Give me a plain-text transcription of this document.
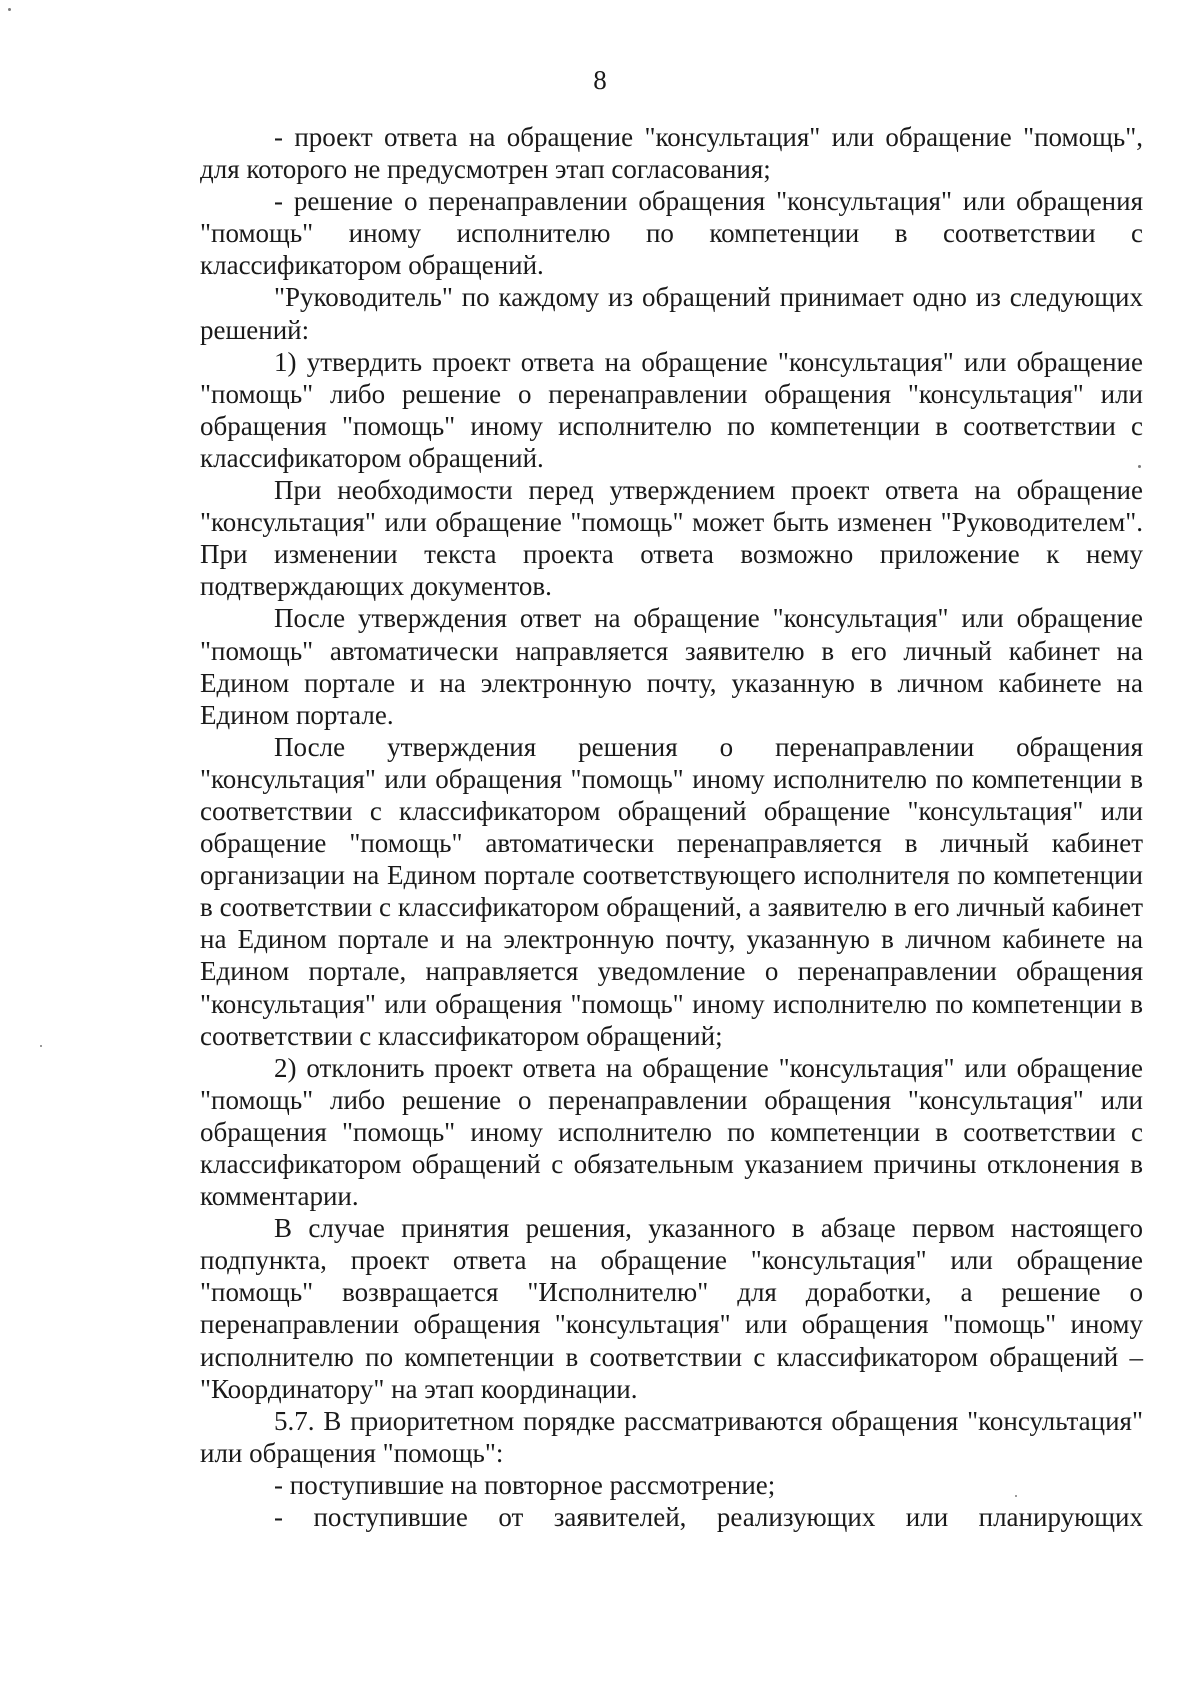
8

- проект ответа на обращение "консультация" или обращение "помощь", для которого не предусмотрен этап согласования;

- решение о перенаправлении обращения "консультация" или обращения "помощь" иному исполнителю по компетенции в соответствии с классификатором обращений.

"Руководитель" по каждому из обращений принимает одно из следующих решений:

1) утвердить проект ответа на обращение "консультация" или обращение "помощь" либо решение о перенаправлении обращения "консультация" или обращения "помощь" иному исполнителю по компетенции в соответствии с классификатором обращений.

При необходимости перед утверждением проект ответа на обращение "консультация" или обращение "помощь" может быть изменен "Руководителем". При изменении текста проекта ответа возможно приложение к нему подтверждающих документов.

После утверждения ответ на обращение "консультация" или обращение "помощь" автоматически направляется заявителю в его личный кабинет на Едином портале и на электронную почту, указанную в личном кабинете на Едином портале.

После утверждения решения о перенаправлении обращения "консультация" или обращения "помощь" иному исполнителю по компетенции в соответствии с классификатором обращений обращение "консультация" или обращение "помощь" автоматически перенаправляется в личный кабинет организации на Едином портале соответствующего исполнителя по компетенции в соответствии с классификатором обращений, а заявителю в его личный кабинет на Едином портале и на электронную почту, указанную в личном кабинете на Едином портале, направляется уведомление о перенаправлении обращения "консультация" или обращения "помощь" иному исполнителю по компетенции в соответствии с классификатором обращений;

2) отклонить проект ответа на обращение "консультация" или обращение "помощь" либо решение о перенаправлении обращения "консультация" или обращения "помощь" иному исполнителю по компетенции в соответствии с классификатором обращений с обязательным указанием причины отклонения в комментарии.

В случае принятия решения, указанного в абзаце первом настоящего подпункта, проект ответа на обращение "консультация" или обращение "помощь" возвращается "Исполнителю" для доработки, а решение о перенаправлении обращения "консультация" или обращения "помощь" иному исполнителю по компетенции в соответствии с классификатором обращений – "Координатору" на этап координации.

5.7. В приоритетном порядке рассматриваются обращения "консультация" или обращения "помощь":

- поступившие на повторное рассмотрение;

- поступившие от заявителей, реализующих или планирующих
